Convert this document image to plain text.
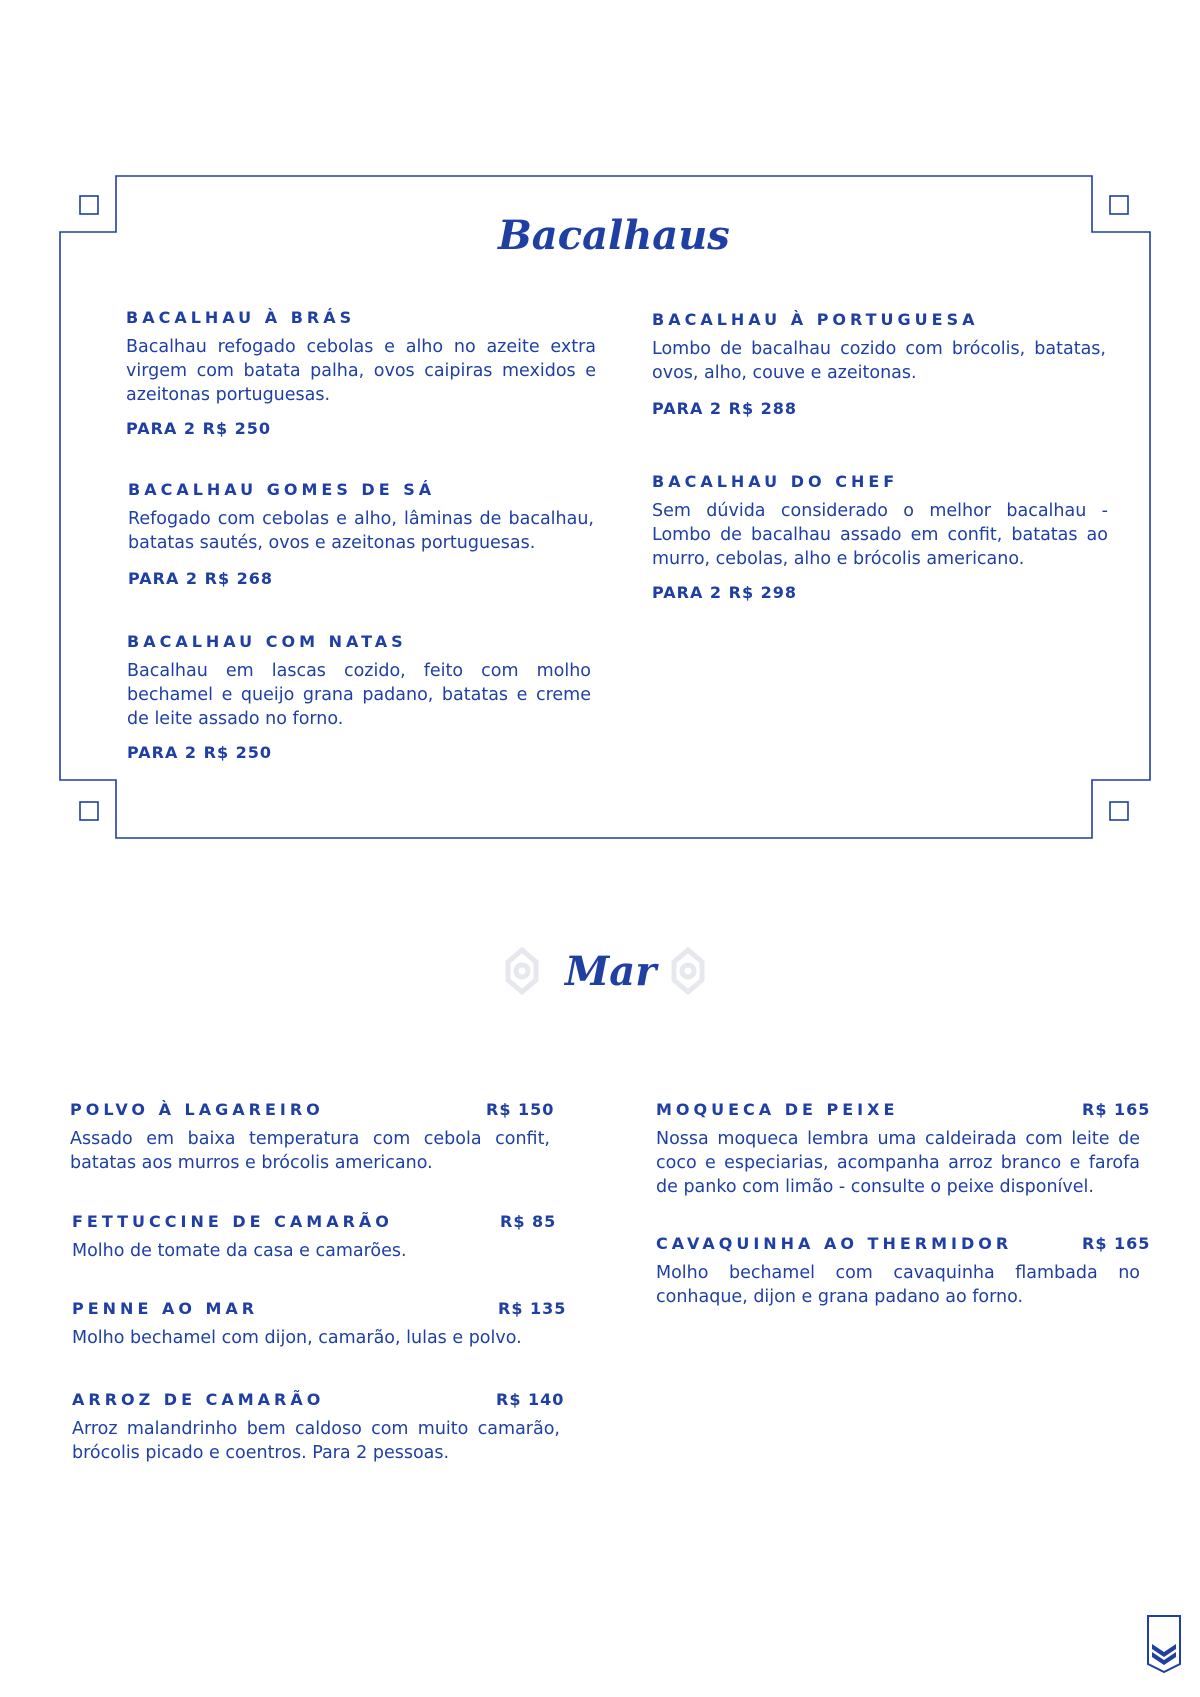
Bacalhaus
BACALHAU À BRÁS

Bacalhau refogado cebolas e alho no azeite extra virgem com batata palha, ovos caipiras mexidos e azeitonas portuguesas.

PARA 2 R$ 250
BACALHAU GOMES DE SÁ

Refogado com cebolas e alho, lâminas de bacalhau, batatas sautés, ovos e azeitonas portuguesas.

PARA 2 R$ 268
BACALHAU COM NATAS

Bacalhau em lascas cozido, feito com molho bechamel e queijo grana padano, batatas e creme de leite assado no forno.

PARA 2 R$ 250
BACALHAU À PORTUGUESA

Lombo de bacalhau cozido com brócolis, batatas, ovos, alho, couve e azeitonas.

PARA 2 R$ 288
BACALHAU DO CHEF

Sem dúvida considerado o melhor bacalhau - Lombo de bacalhau assado em confit, batatas ao murro, cebolas, alho e brócolis americano.

PARA 2 R$ 298
Mar
POLVO À LAGAREIRO	R$ 150

Assado em baixa temperatura com cebola confit, batatas aos murros e brócolis americano.

FETTUCCINE DE CAMARÃO	R$ 85

Molho de tomate da casa e camarões.

PENNE AO MAR	R$ 135

Molho bechamel com dijon, camarão, lulas e polvo.

ARROZ DE CAMARÃO	R$ 140

Arroz malandrinho bem caldoso com muito camarão, brócolis picado e coentros. Para 2 pessoas.

MOQUECA DE PEIXE	R$ 165

Nossa moqueca lembra uma caldeirada com leite de coco e especiarias, acompanha arroz branco e farofa de panko com limão - consulte o peixe disponível.

CAVAQUINHA AO THERMIDOR	R$ 165

Molho bechamel com cavaquinha flambada no conhaque, dijon e grana padano ao forno.
